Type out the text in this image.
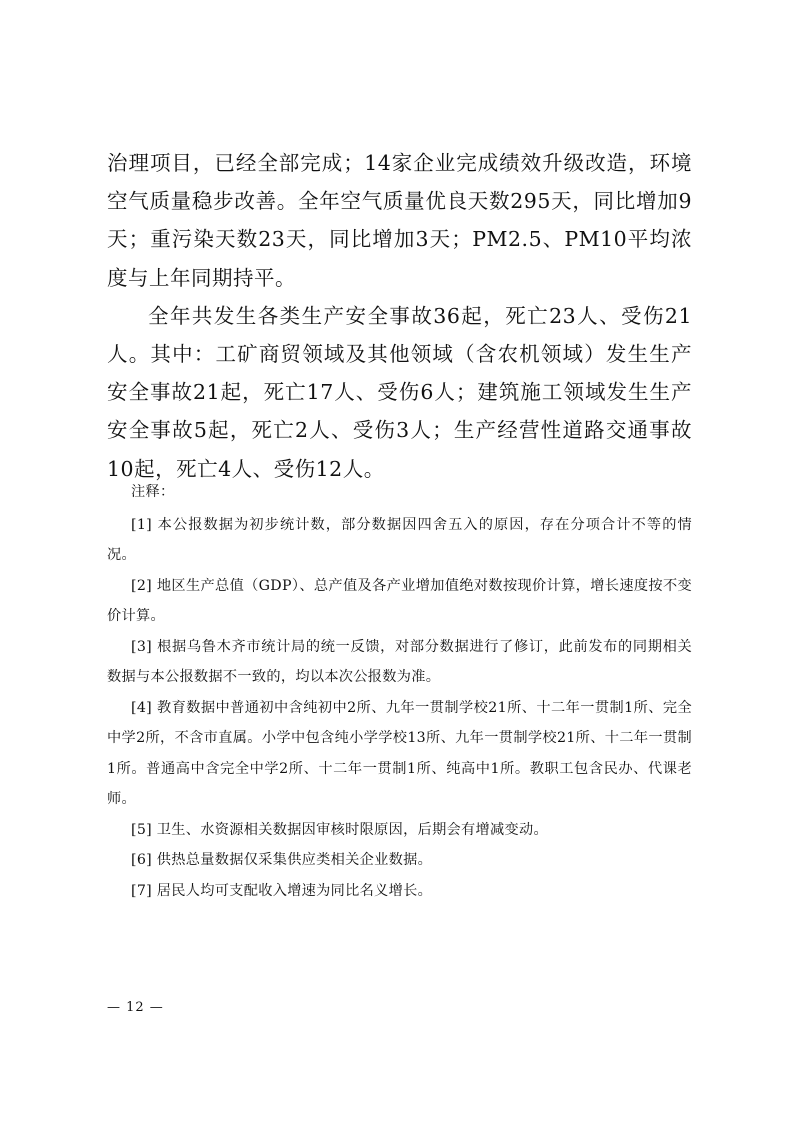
治理项目，已经全部完成；14家企业完成绩效升级改造，环境空气质量稳步改善。全年空气质量优良天数295天，同比增加9天；重污染天数23天，同比增加3天；PM2.5、PM10平均浓度与上年同期持平。

全年共发生各类生产安全事故36起，死亡23人、受伤21人。其中：工矿商贸领域及其他领域（含农机领域）发生生产安全事故21起，死亡17人、受伤6人；建筑施工领域发生生产安全事故5起，死亡2人、受伤3人；生产经营性道路交通事故10起，死亡4人、受伤12人。

注释：

[1] 本公报数据为初步统计数，部分数据因四舍五入的原因，存在分项合计不等的情况。

[2] 地区生产总值（GDP）、总产值及各产业增加值绝对数按现价计算，增长速度按不变价计算。

[3] 根据乌鲁木齐市统计局的统一反馈，对部分数据进行了修订，此前发布的同期相关数据与本公报数据不一致的，均以本次公报数为准。

[4] 教育数据中普通初中含纯初中2所、九年一贯制学校21所、十二年一贯制1所、完全中学2所，不含市直属。小学中包含纯小学学校13所、九年一贯制学校21所、十二年一贯制1所。普通高中含完全中学2所、十二年一贯制1所、纯高中1所。教职工包含民办、代课老师。

[5] 卫生、水资源相关数据因审核时限原因，后期会有增减变动。

[6] 供热总量数据仅采集供应类相关企业数据。

[7] 居民人均可支配收入增速为同比名义增长。

— 12 —
